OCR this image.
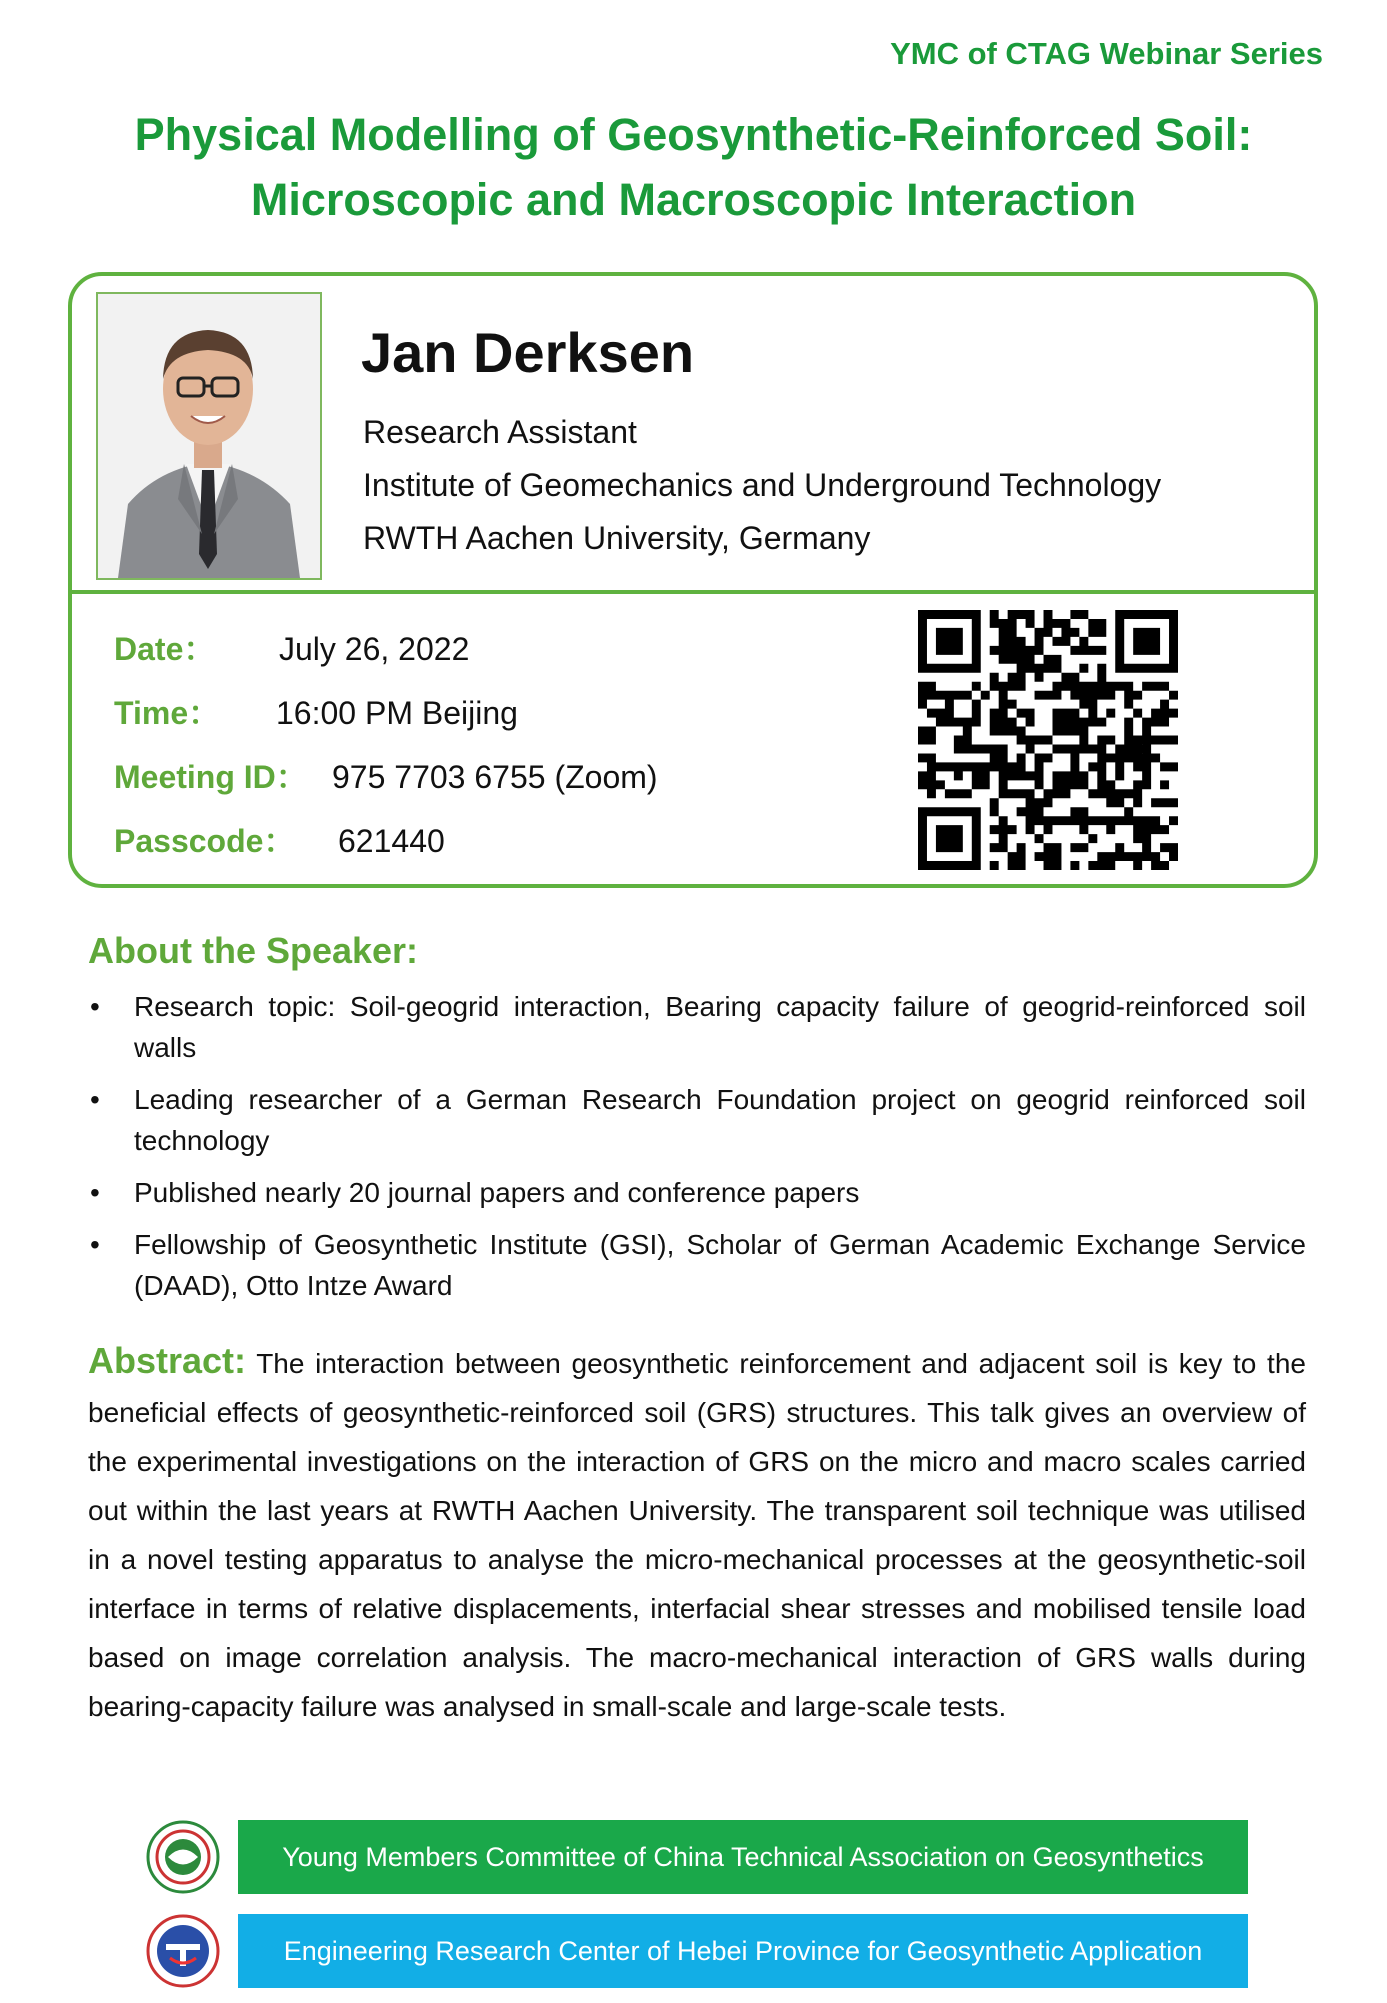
YMC of CTAG Webinar Series
Physical Modelling of Geosynthetic-Reinforced Soil:
Microscopic and Macroscopic Interaction
Jan Derksen
Research Assistant
Institute of Geomechanics and Underground Technology
RWTH Aachen University, Germany
Date： July 26, 2022
Time： 16:00 PM Beijing
Meeting ID： 975 7703 6755 (Zoom)
Passcode： 621440
About the Speaker:
• Research topic: Soil-geogrid interaction, Bearing capacity failure of geogrid-reinforced soil walls
• Leading researcher of a German Research Foundation project on geogrid reinforced soil technology
• Published nearly 20 journal papers and conference papers
• Fellowship of Geosynthetic Institute (GSI), Scholar of German Academic Exchange Service (DAAD), Otto Intze Award
Abstract: The interaction between geosynthetic reinforcement and adjacent soil is key to the beneficial effects of geosynthetic-reinforced soil (GRS) structures. This talk gives an overview of the experimental investigations on the interaction of GRS on the micro and macro scales carried out within the last years at RWTH Aachen University. The transparent soil technique was utilised in a novel testing apparatus to analyse the micro-mechanical processes at the geosynthetic-soil interface in terms of relative displacements, interfacial shear stresses and mobilised tensile load based on image correlation analysis. The macro-mechanical interaction of GRS walls during bearing-capacity failure was analysed in small-scale and large-scale tests.
Young Members Committee of China Technical Association on Geosynthetics
Engineering Research Center of Hebei Province for Geosynthetic Application
